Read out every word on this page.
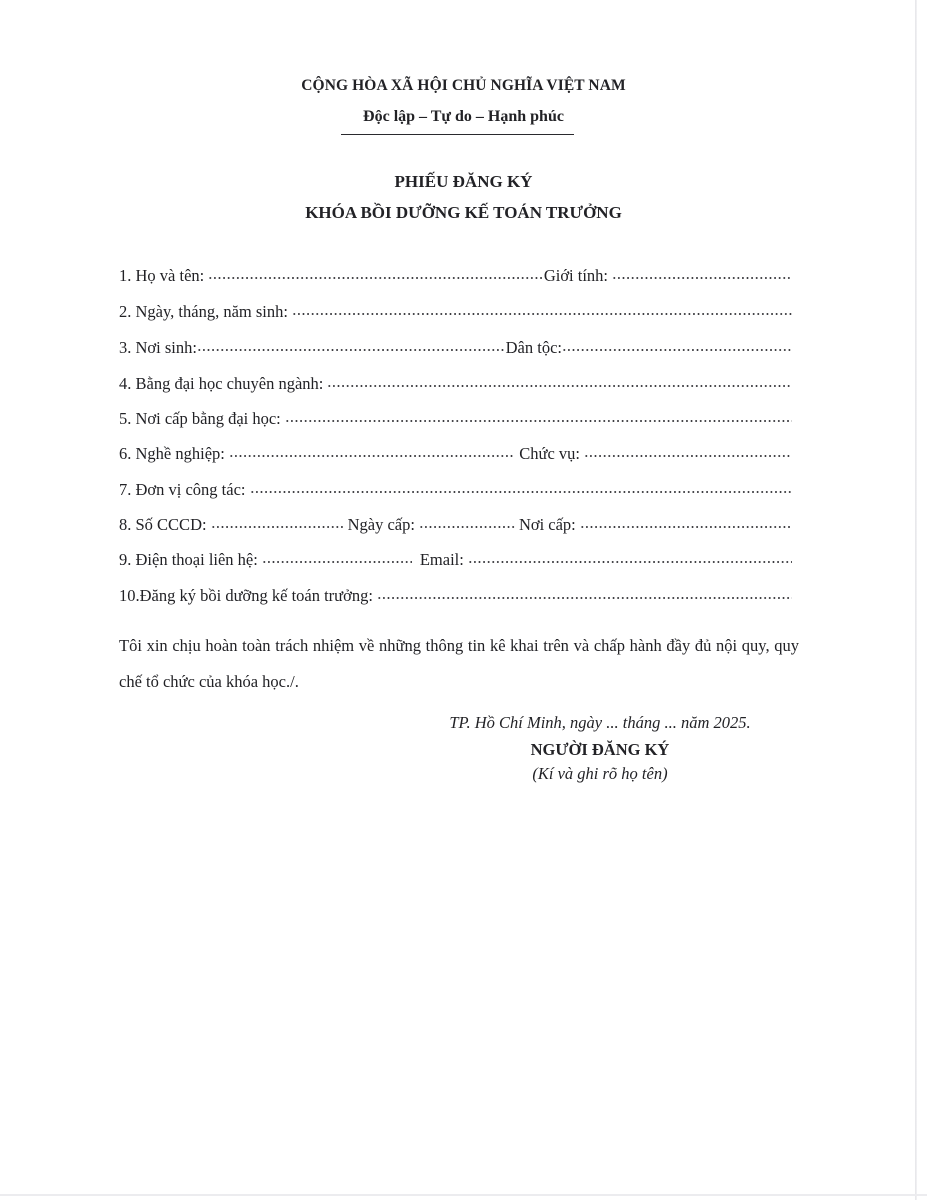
CỘNG HÒA XÃ HỘI CHỦ NGHĨA VIỆT NAM
Độc lập – Tự do – Hạnh phúc
PHIẾU ĐĂNG KÝ
KHÓA BỒI DƯỠNG KẾ TOÁN TRƯỞNG
1. Họ và tên:	Giới tính:
2. Ngày, tháng, năm sinh:
3. Nơi sinh:	Dân tộc:
4. Bằng đại học chuyên ngành:
5. Nơi cấp bằng đại học:
6. Nghề nghiệp:	Chức vụ:
7. Đơn vị công tác:
8. Số CCCD:	Ngày cấp:	Nơi cấp:
9. Điện thoại liên hệ:	Email:
10.Đăng ký bồi dưỡng kế toán trưởng:
Tôi xin chịu hoàn toàn trách nhiệm về những thông tin kê khai trên và chấp hành đầy đủ nội quy, quy chế tổ chức của khóa học./.
TP. Hồ Chí Minh, ngày ... tháng ... năm 2025.
NGƯỜI ĐĂNG KÝ
(Kí và ghi rõ họ tên)
